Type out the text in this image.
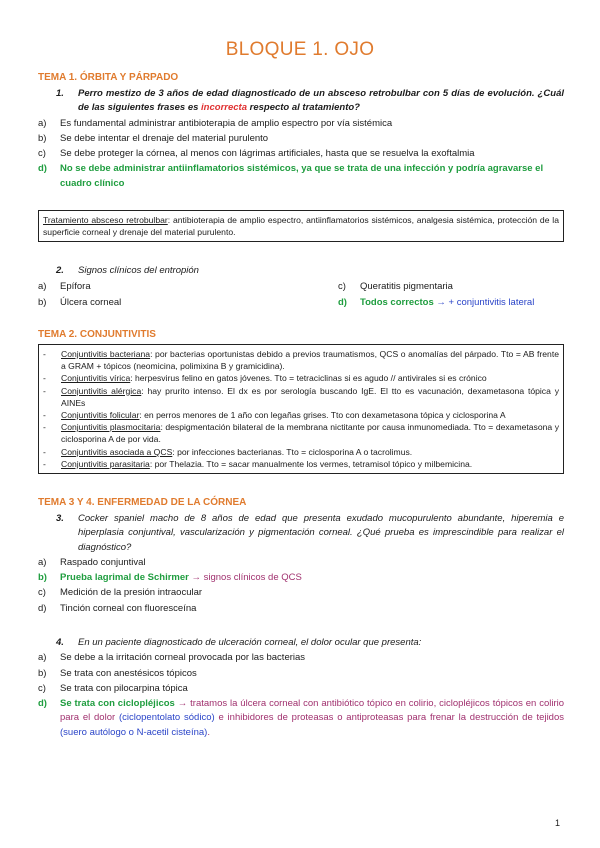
BLOQUE 1. OJO
TEMA 1. ÓRBITA Y PÁRPADO
1.	Perro mestizo de 3 años de edad diagnosticado de un absceso retrobulbar con 5 días de evolución. ¿Cuál de las siguientes frases es incorrecta respecto al tratamiento?
a)	Es fundamental administrar antibioterapia de amplio espectro por vía sistémica
b)	Se debe intentar el drenaje del material purulento
c)	Se debe proteger la córnea, al menos con lágrimas artificiales, hasta que se resuelva la exoftalmia
d)	No se debe administrar antiinflamatorios sistémicos, ya que se trata de una infección y podría agravarse el cuadro clínico
Tratamiento absceso retrobulbar: antibioterapia de amplio espectro, antiinflamatorios sistémicos, analgesia sistémica, protección de la superficie corneal y drenaje del material purulento.
2.	Signos clínicos del entropión
a)	Epífora	c)	Queratitis pigmentaria
b)	Úlcera corneal	d)	Todos correctos → + conjuntivitis lateral
TEMA 2. CONJUNTIVITIS
-	Conjuntivitis bacteriana: por bacterias oportunistas debido a previos traumatismos, QCS o anomalías del párpado. Tto = AB frente a GRAM + tópicos (neomicina, polimixina B y gramicidina).
-	Conjuntivitis vírica: herpesvirus felino en gatos jóvenes. Tto = tetraciclinas si es agudo // antivirales si es crónico
-	Conjuntivitis alérgica: hay prurito intenso. El dx es por serología buscando IgE. El tto es vacunación, dexametasona tópica y AINEs
-	Conjuntivitis folicular: en perros menores de 1 año con legañas grises. Tto con dexametasona tópica y ciclosporina A
-	Conjuntivitis plasmocitaria: despigmentación bilateral de la membrana nictitante por causa inmunomediada. Tto = dexametasona y ciclosporina A de por vida.
-	Conjuntivitis asociada a QCS: por infecciones bacterianas. Tto = ciclosporina A o tacrolimus.
-	Conjuntivitis parasitaria: por Thelazia. Tto = sacar manualmente los vermes, tetramisol tópico y milbemicina.
TEMA 3 Y 4. ENFERMEDAD DE LA CÓRNEA
3.	Cocker spaniel macho de 8 años de edad que presenta exudado mucopurulento abundante, hiperemia e hiperplasia conjuntival, vascularización y pigmentación corneal. ¿Qué prueba es imprescindible para realizar el diagnóstico?
a)	Raspado conjuntival
b)	Prueba lagrimal de Schirmer → signos clínicos de QCS
c)	Medición de la presión intraocular
d)	Tinción corneal con fluoresceína
4.	En un paciente diagnosticado de ulceración corneal, el dolor ocular que presenta:
a)	Se debe a la irritación corneal provocada por las bacterias
b)	Se trata con anestésicos tópicos
c)	Se trata con pilocarpina tópica
d)	Se trata con ciclopléjicos → tratamos la úlcera corneal con antibiótico tópico en colirio, ciclopléjicos tópicos en colirio para el dolor (ciclopentolato sódico) e inhibidores de proteasas o antiproteasas para frenar la destrucción de tejidos (suero autólogo o N-acetil cisteína).
1
